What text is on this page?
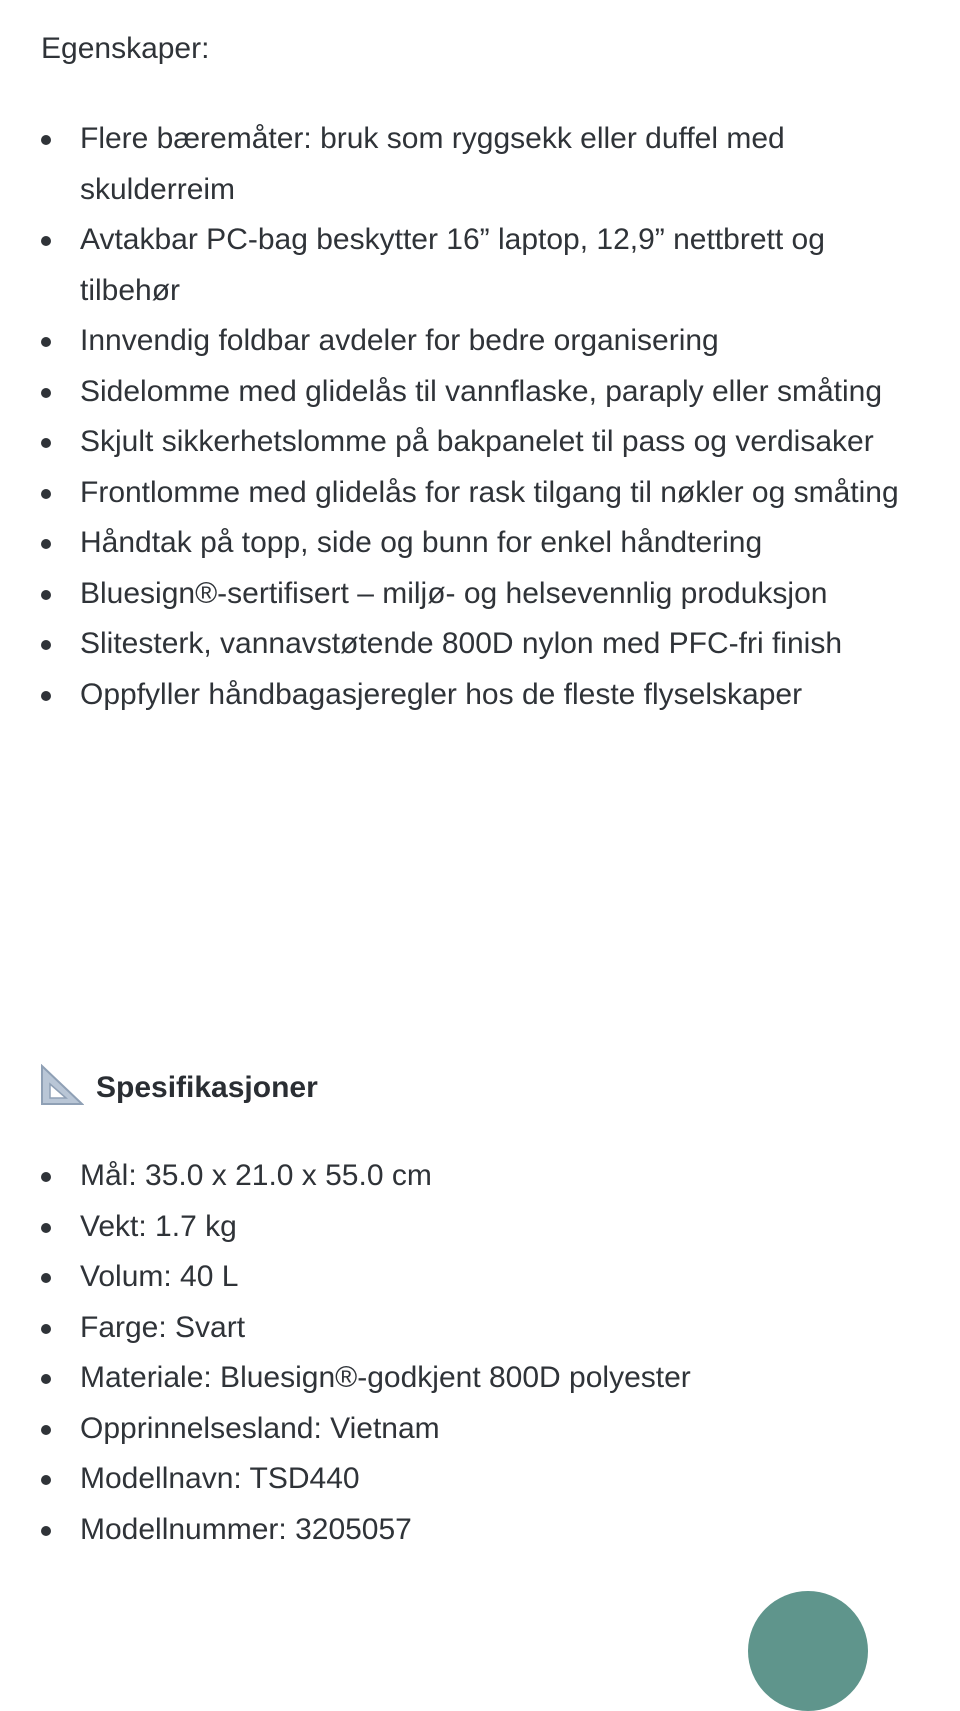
Egenskaper:

Flere bæremåter: bruk som ryggsekk eller duffel med skulderreim
Avtakbar PC-bag beskytter 16” laptop, 12,9” nettbrett og tilbehør
Innvendig foldbar avdeler for bedre organisering
Sidelomme med glidelås til vannflaske, paraply eller småting
Skjult sikkerhetslomme på bakpanelet til pass og verdisaker
Frontlomme med glidelås for rask tilgang til nøkler og småting
Håndtak på topp, side og bunn for enkel håndtering
Bluesign®-sertifisert – miljø- og helsevennlig produksjon
Slitesterk, vannavstøtende 800D nylon med PFC-fri finish
Oppfyller håndbagasjeregler hos de fleste flyselskaper
Spesifikasjoner
Mål: 35.0 x 21.0 x 55.0 cm
Vekt: 1.7 kg
Volum: 40 L
Farge: Svart
Materiale: Bluesign®-godkjent 800D polyester
Opprinnelsesland: Vietnam
Modellnavn: TSD440
Modellnummer: 3205057
